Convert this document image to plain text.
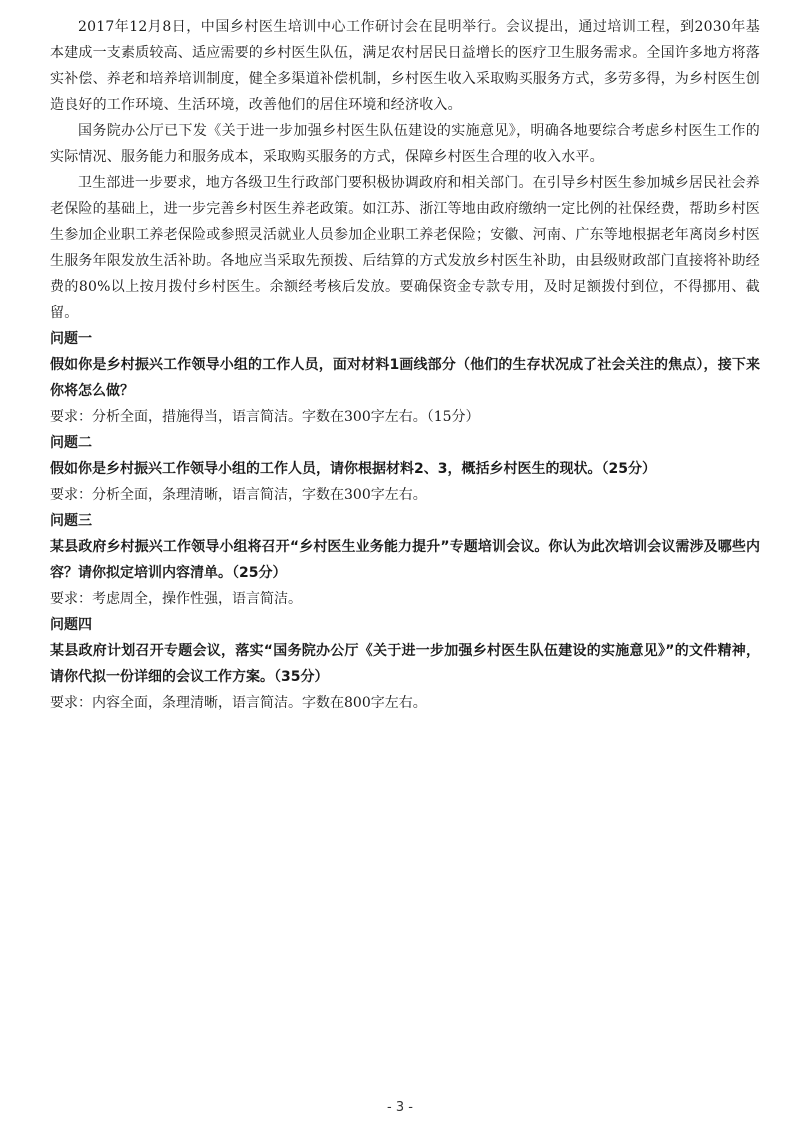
2017年12月8日，中国乡村医生培训中心工作研讨会在昆明举行。会议提出，通过培训工程，到2030年基本建成一支素质较高、适应需要的乡村医生队伍，满足农村居民日益增长的医疗卫生服务需求。全国许多地方将落实补偿、养老和培养培训制度，健全多渠道补偿机制，乡村医生收入采取购买服务方式，多劳多得，为乡村医生创造良好的工作环境、生活环境，改善他们的居住环境和经济收入。

国务院办公厅已下发《关于进一步加强乡村医生队伍建设的实施意见》，明确各地要综合考虑乡村医生工作的实际情况、服务能力和服务成本，采取购买服务的方式，保障乡村医生合理的收入水平。

卫生部进一步要求，地方各级卫生行政部门要积极协调政府和相关部门。在引导乡村医生参加城乡居民社会养老保险的基础上，进一步完善乡村医生养老政策。如江苏、浙江等地由政府缴纳一定比例的社保经费，帮助乡村医生参加企业职工养老保险或参照灵活就业人员参加企业职工养老保险；安徽、河南、广东等地根据老年离岗乡村医生服务年限发放生活补助。各地应当采取先预拨、后结算的方式发放乡村医生补助，由县级财政部门直接将补助经费的80%以上按月拨付乡村医生。余额经考核后发放。要确保资金专款专用，及时足额拨付到位，不得挪用、截留。

问题一

假如你是乡村振兴工作领导小组的工作人员，面对材料1画线部分（他们的生存状况成了社会关注的焦点），接下来你将怎么做？

要求：分析全面，措施得当，语言简洁。字数在300字左右。（15分）

问题二

假如你是乡村振兴工作领导小组的工作人员，请你根据材料2、3，概括乡村医生的现状。（25分）

要求：分析全面，条理清晰，语言简洁，字数在300字左右。

问题三

某县政府乡村振兴工作领导小组将召开“乡村医生业务能力提升”专题培训会议。你认为此次培训会议需涉及哪些内容？请你拟定培训内容清单。（25分）

要求：考虑周全，操作性强，语言简洁。

问题四

某县政府计划召开专题会议，落实“国务院办公厅《关于进一步加强乡村医生队伍建设的实施意见》”的文件精神，请你代拟一份详细的会议工作方案。（35分）

要求：内容全面，条理清晰，语言简洁。字数在800字左右。

- 3 -
